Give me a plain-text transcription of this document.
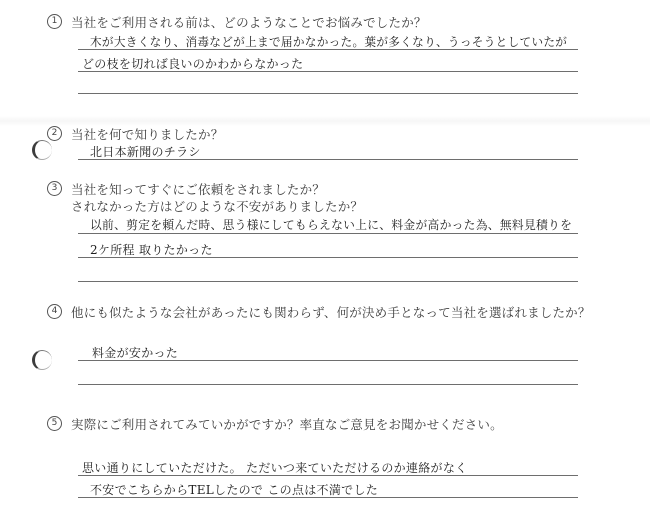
1	当社をご利用される前は、どのようなことでお悩みでしたか？
木が大きくなり、消毒などが上まで届かなかった。葉が多くなり、うっそうとしていたが
どの枝を切れば良いのかわからなかった
2	当社を何で知りましたか？
北日本新聞のチラシ
3	当社を知ってすぐにご依頼をされましたか？
されなかった方はどのような不安がありましたか？
以前、剪定を頼んだ時、思う様にしてもらえない上に、料金が高かった為、無料見積りを
2ケ所程 取りたかった
4	他にも似たような会社があったにも関わらず、何が決め手となって当社を選ばれましたか？
料金が安かった
5	実際にご利用されてみていかがですか？率直なご意見をお聞かせください。
思い通りにしていただけた。 ただいつ来ていただけるのか連絡がなく
不安でこちらからTELしたので この点は不満でした
